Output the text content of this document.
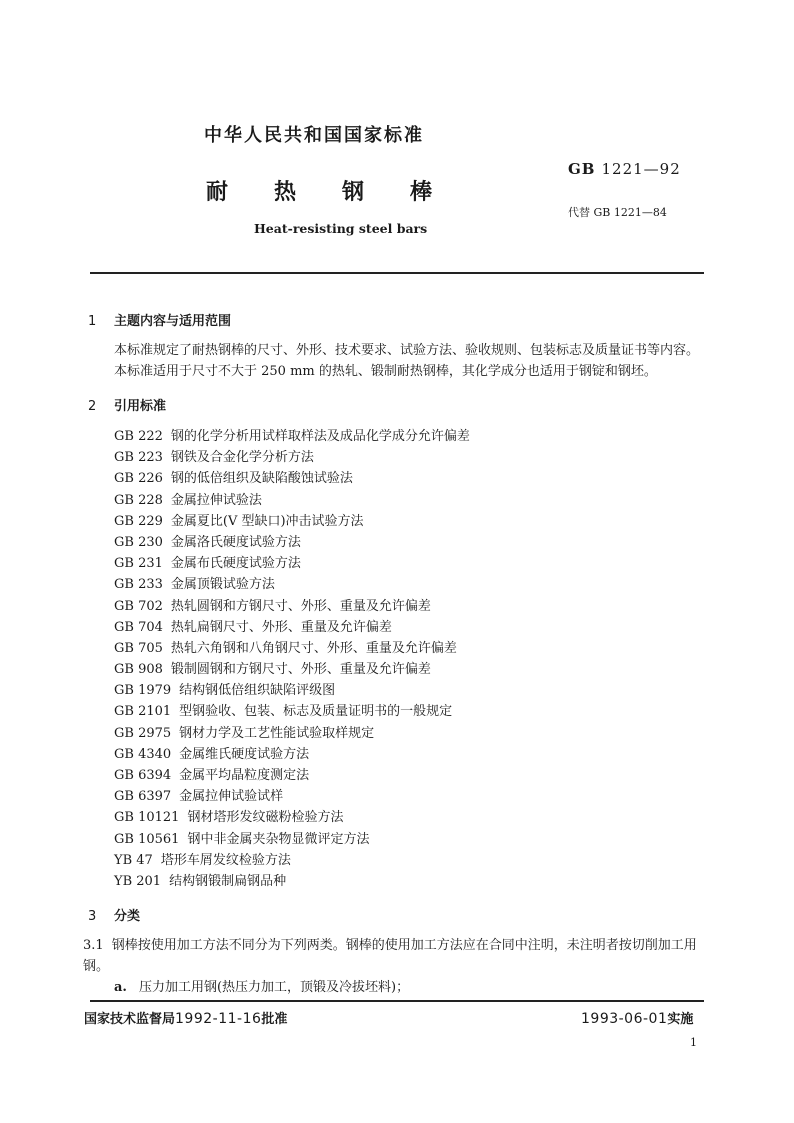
中华人民共和国国家标准
GB 1221—92
耐热钢棒
代替 GB 1221—84
Heat-resisting steel bars
1 主题内容与适用范围
本标准规定了耐热钢棒的尺寸、外形、技术要求、试验方法、验收规则、包装标志及质量证书等内容。
本标准适用于尺寸不大于 250 mm 的热轧、锻制耐热钢棒，其化学成分也适用于钢锭和钢坯。
2 引用标准
GB 222 钢的化学分析用试样取样法及成品化学成分允许偏差
GB 223 钢铁及合金化学分析方法
GB 226 钢的低倍组织及缺陷酸蚀试验法
GB 228 金属拉伸试验法
GB 229 金属夏比(V 型缺口)冲击试验方法
GB 230 金属洛氏硬度试验方法
GB 231 金属布氏硬度试验方法
GB 233 金属顶锻试验方法
GB 702 热轧圆钢和方钢尺寸、外形、重量及允许偏差
GB 704 热轧扁钢尺寸、外形、重量及允许偏差
GB 705 热轧六角钢和八角钢尺寸、外形、重量及允许偏差
GB 908 锻制圆钢和方钢尺寸、外形、重量及允许偏差
GB 1979 结构钢低倍组织缺陷评级图
GB 2101 型钢验收、包装、标志及质量证明书的一般规定
GB 2975 钢材力学及工艺性能试验取样规定
GB 4340 金属维氏硬度试验方法
GB 6394 金属平均晶粒度测定法
GB 6397 金属拉伸试验试样
GB 10121 钢材塔形发纹磁粉检验方法
GB 10561 钢中非金属夹杂物显微评定方法
YB 47 塔形车屑发纹检验方法
YB 201 结构钢锻制扁钢品种
3 分类
3.1 钢棒按使用加工方法不同分为下列两类。钢棒的使用加工方法应在合同中注明，未注明者按切削加工用钢。
a. 压力加工用钢(热压力加工，顶锻及冷拔坯料)；
国家技术监督局1992-11-16批准	1993-06-01实施
1
